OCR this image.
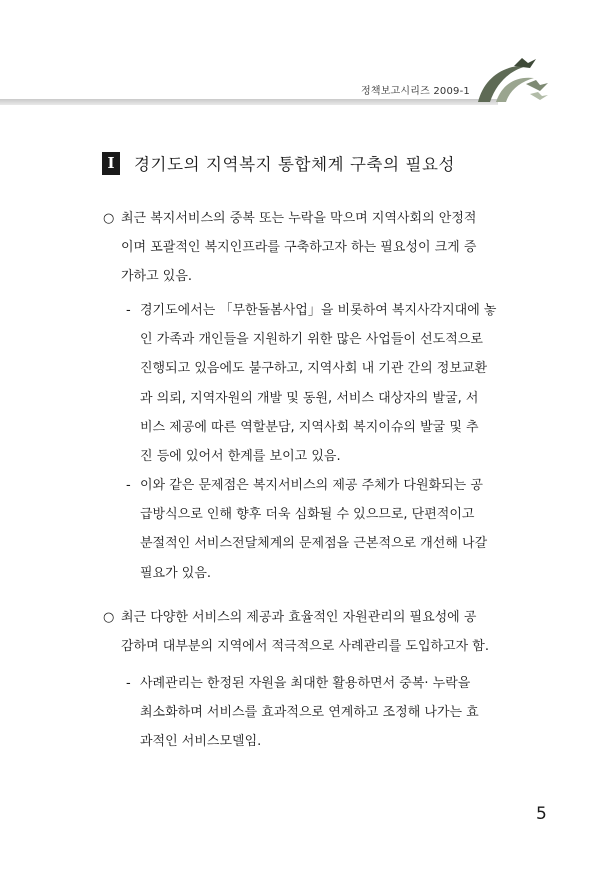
정책보고시리즈 2009-1
I	경기도의 지역복지 통합체계 구축의 필요성
○ 최근 복지서비스의 중복 또는 누락을 막으며 지역사회의 안정적
이며 포괄적인 복지인프라를 구축하고자 하는 필요성이 크게 증
가하고 있음.
- 경기도에서는 「무한돌봄사업」을 비롯하여 복지사각지대에 놓
인 가족과 개인들을 지원하기 위한 많은 사업들이 선도적으로
진행되고 있음에도 불구하고, 지역사회 내 기관 간의 정보교환
과 의뢰, 지역자원의 개발 및 동원, 서비스 대상자의 발굴, 서
비스 제공에 따른 역할분담, 지역사회 복지이슈의 발굴 및 추
진 등에 있어서 한계를 보이고 있음.
- 이와 같은 문제점은 복지서비스의 제공 주체가 다원화되는 공
급방식으로 인해 향후 더욱 심화될 수 있으므로, 단편적이고
분절적인 서비스전달체계의 문제점을 근본적으로 개선해 나갈
필요가 있음.
○ 최근 다양한 서비스의 제공과 효율적인 자원관리의 필요성에 공
감하며 대부분의 지역에서 적극적으로 사례관리를 도입하고자 함.
- 사례관리는 한정된 자원을 최대한 활용하면서 중복· 누락을
최소화하며 서비스를 효과적으로 연계하고 조정해 나가는 효
과적인 서비스모델임.
5
